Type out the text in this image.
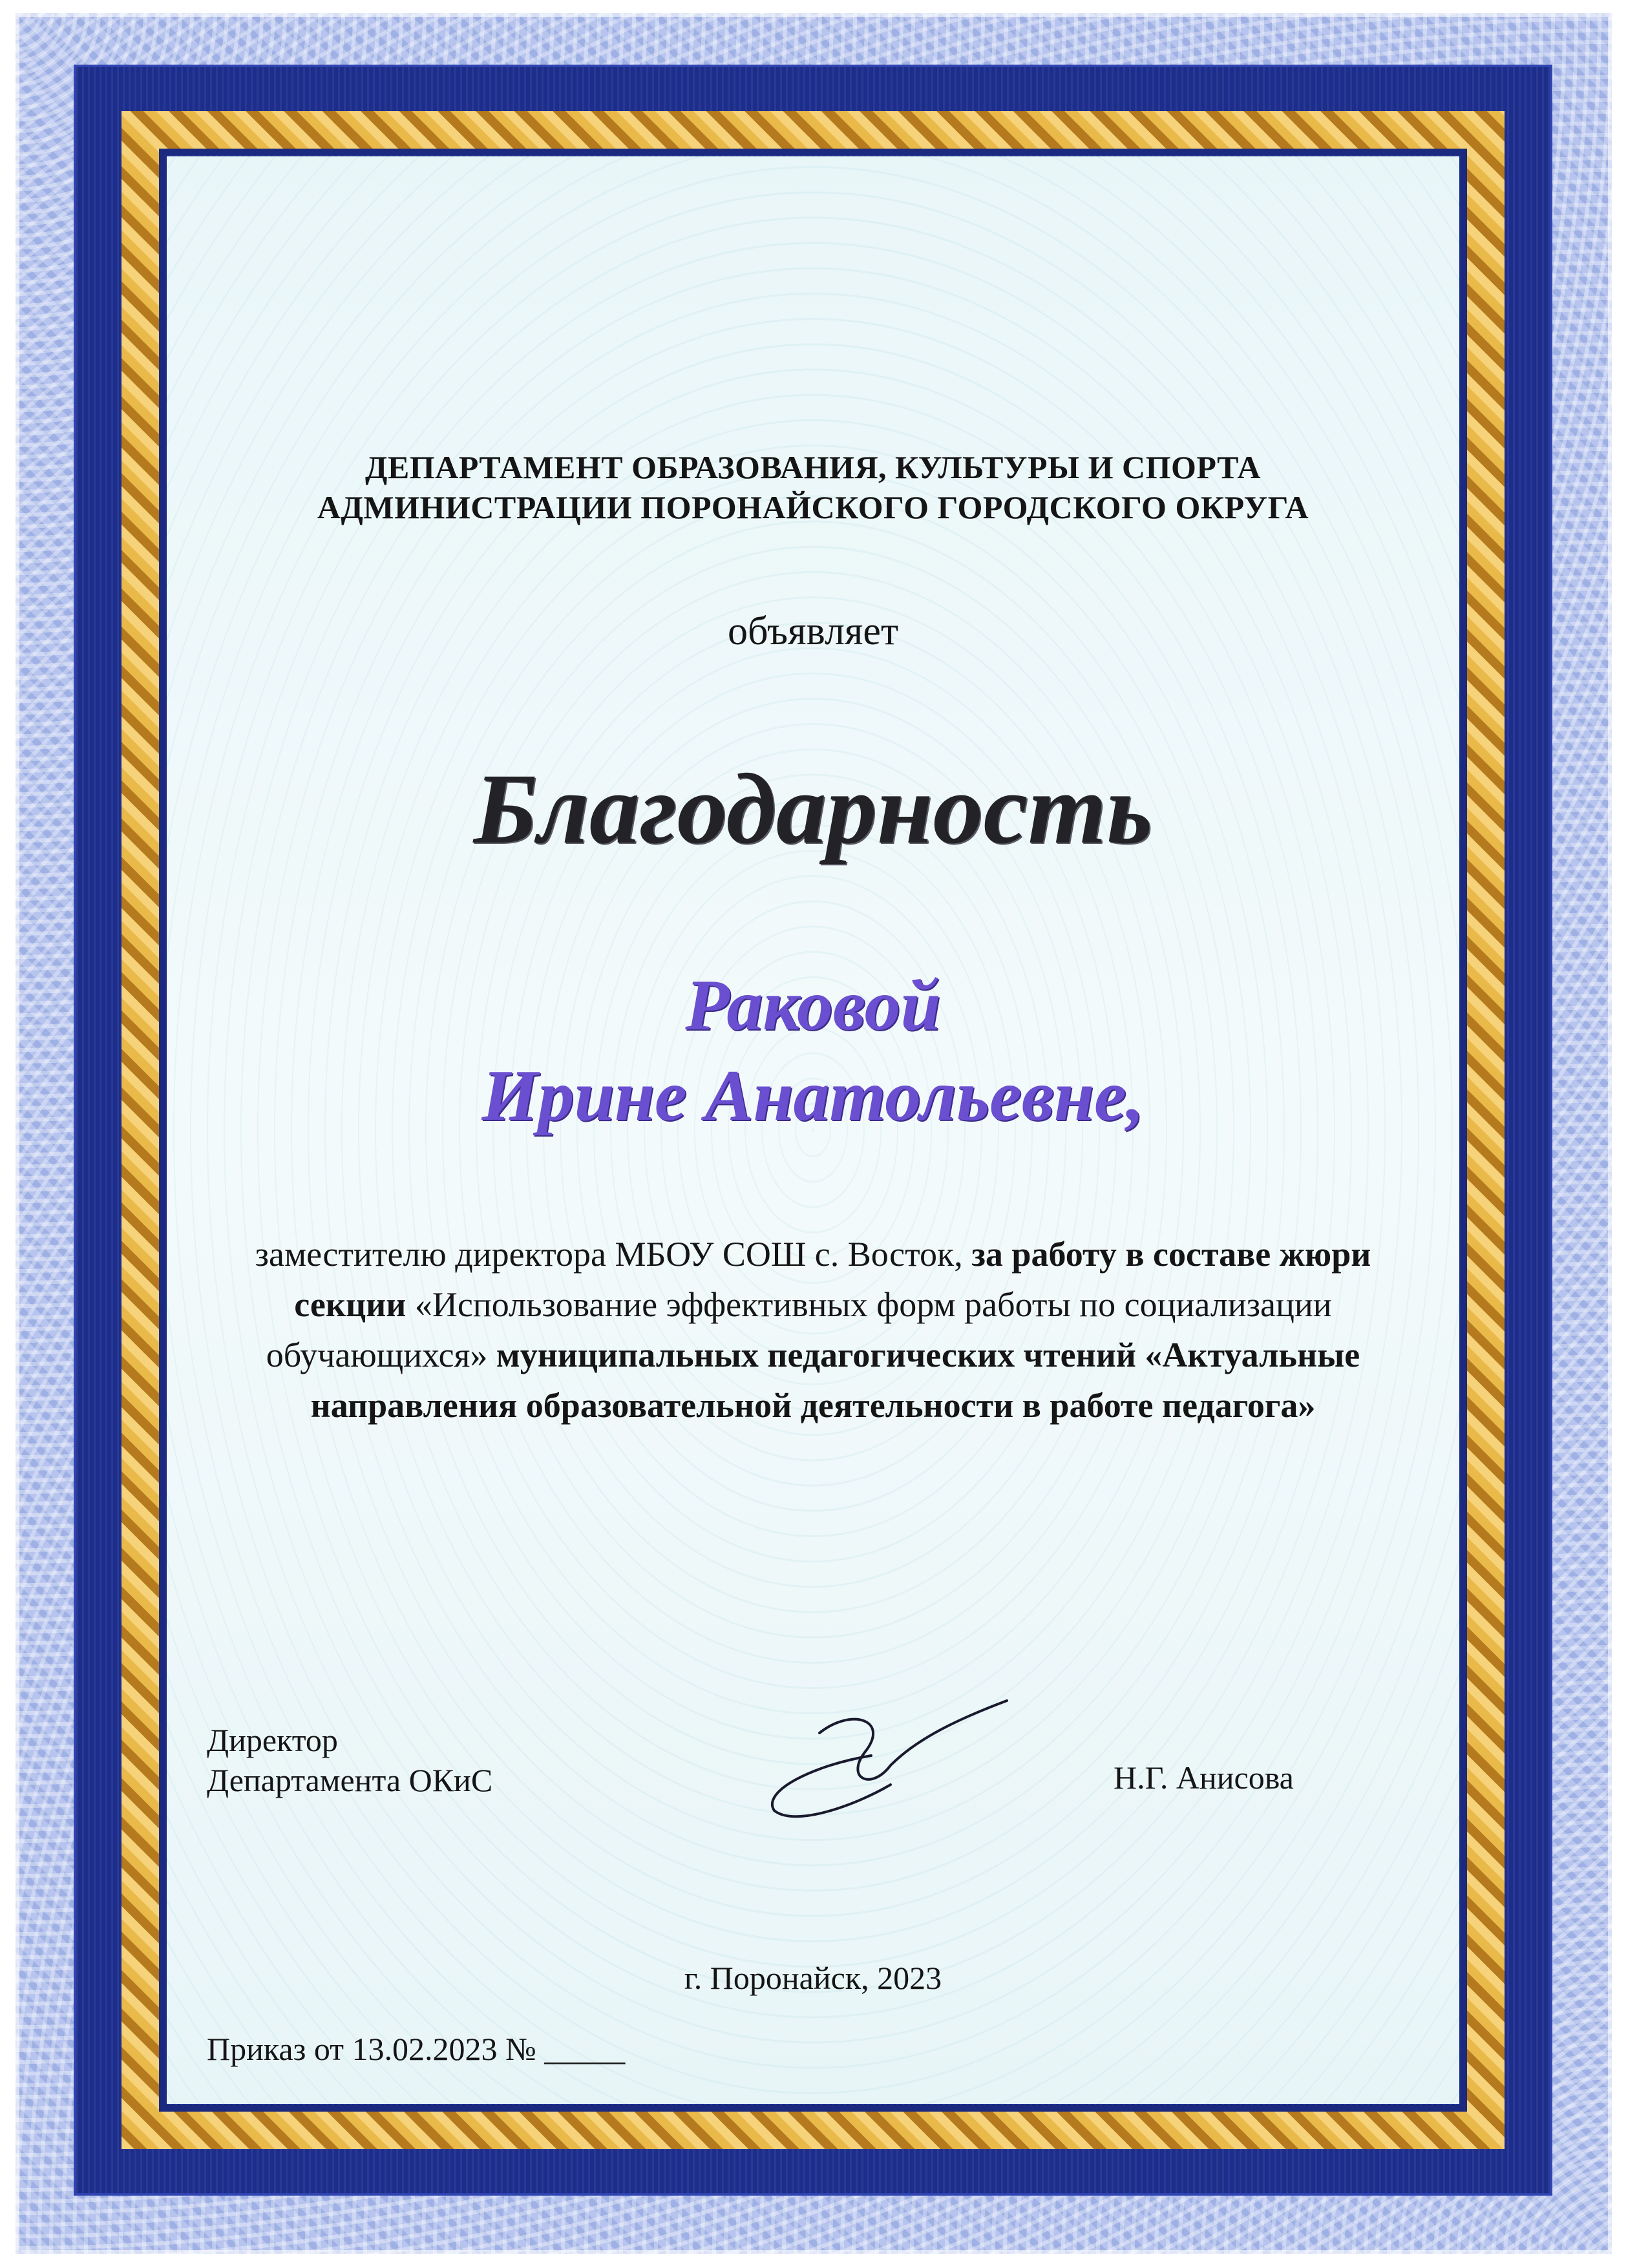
ДЕПАРТАМЕНТ ОБРАЗОВАНИЯ, КУЛЬТУРЫ И СПОРТА
АДМИНИСТРАЦИИ ПОРОНАЙСКОГО ГОРОДСКОГО ОКРУГА
объявляет
Благодарность
Раковой
Ирине Анатольевне,
заместителю директора МБОУ СОШ с. Восток, за работу в составе жюри секции «Использование эффективных форм работы по социализации обучающихся» муниципальных педагогических чтений «Актуальные направления образовательной деятельности в работе педагога»
Директор
Департамента ОКиС	Н.Г. Анисова
г. Поронайск, 2023
Приказ от 13.02.2023 № _____
